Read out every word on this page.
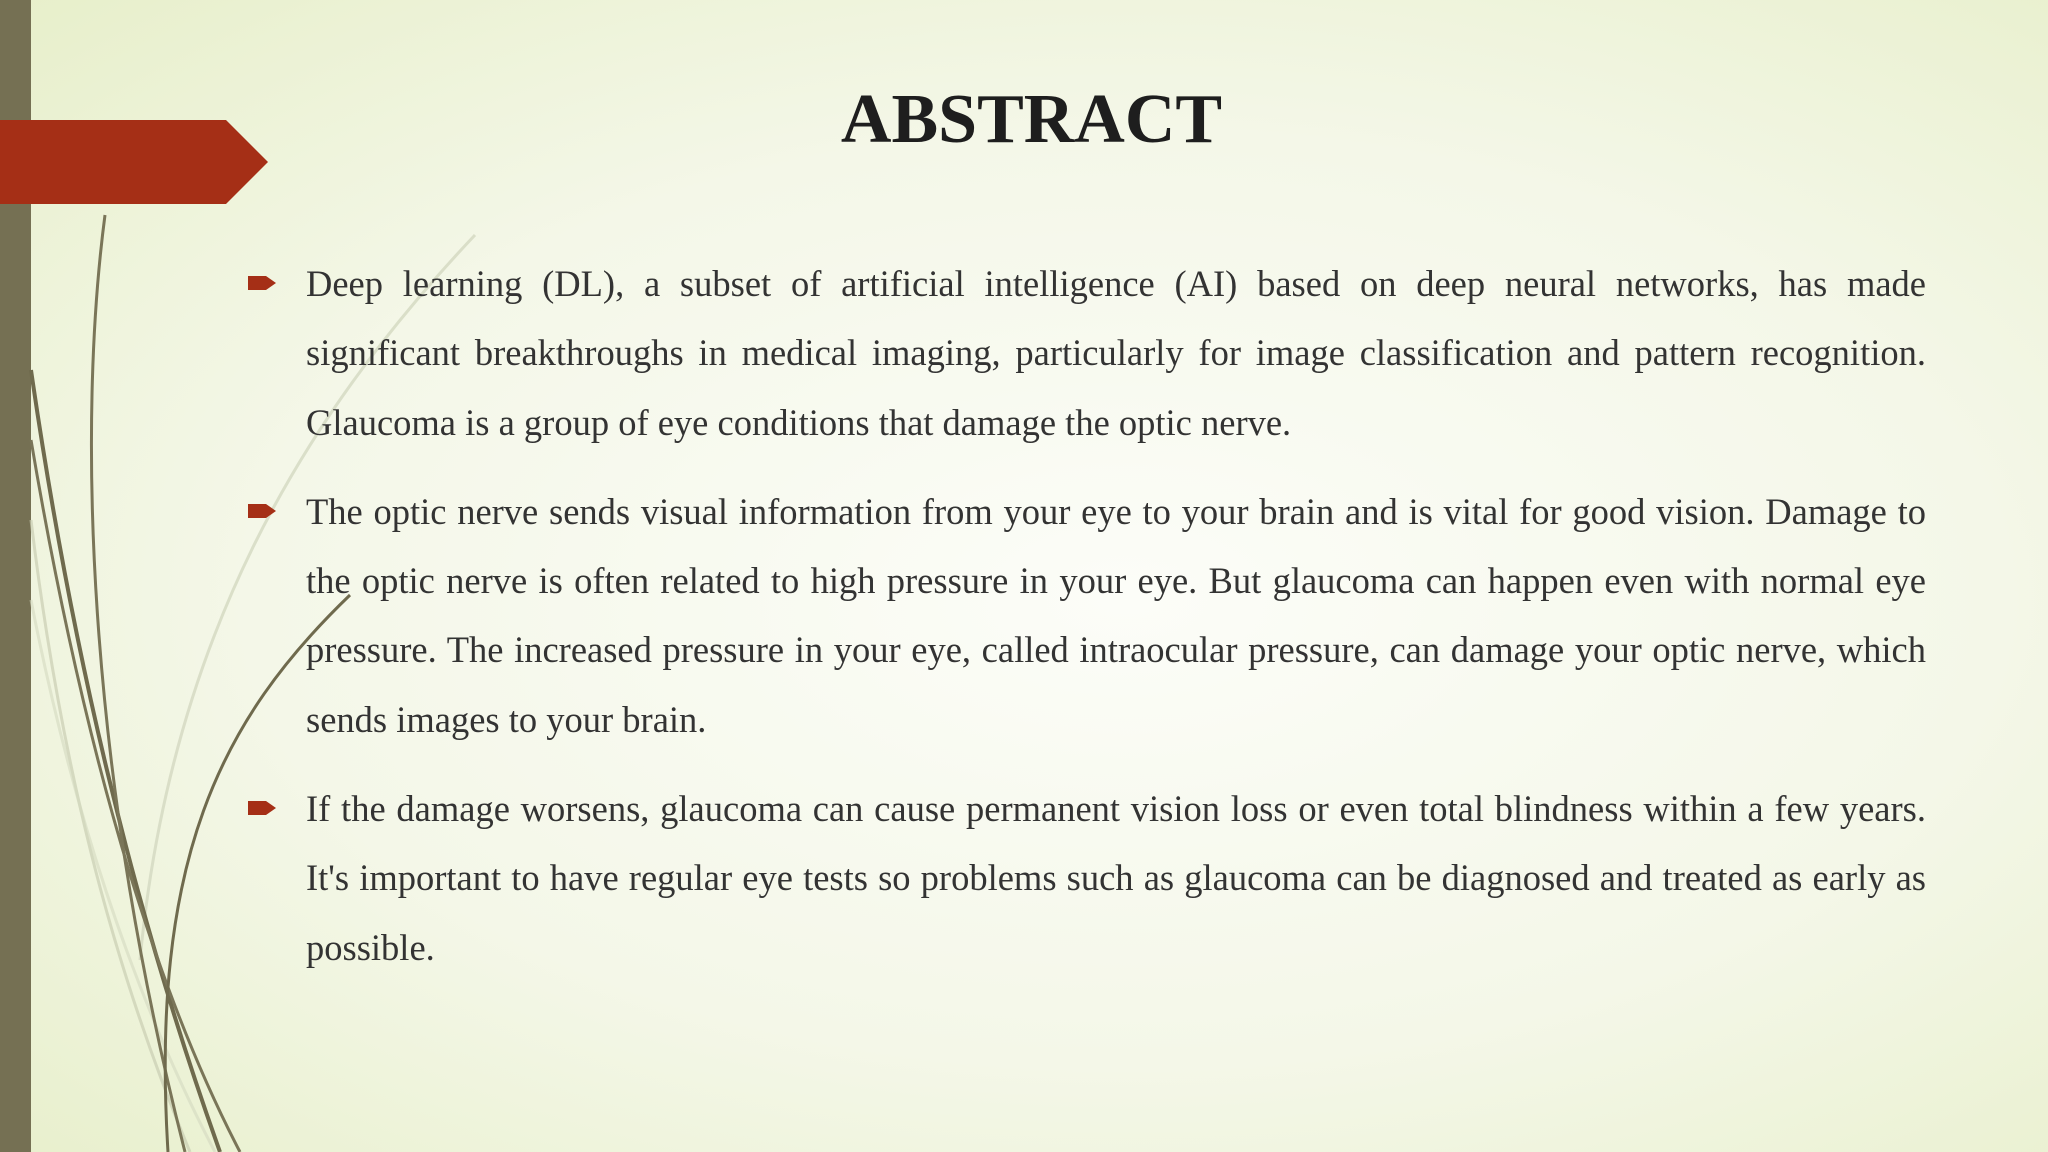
ABSTRACT
Deep learning (DL), a subset of artificial intelligence (AI) based on deep neural networks, has made significant breakthroughs in medical imaging, particularly for image classification and pattern recognition. Glaucoma is a group of eye conditions that damage the optic nerve.
The optic nerve sends visual information from your eye to your brain and is vital for good vision. Damage to the optic nerve is often related to high pressure in your eye. But glaucoma can happen even with normal eye pressure. The increased pressure in your eye, called intraocular pressure, can damage your optic nerve, which sends images to your brain.
If the damage worsens, glaucoma can cause permanent vision loss or even total blindness within a few years. It's important to have regular eye tests so problems such as glaucoma can be diagnosed and treated as early as possible.
